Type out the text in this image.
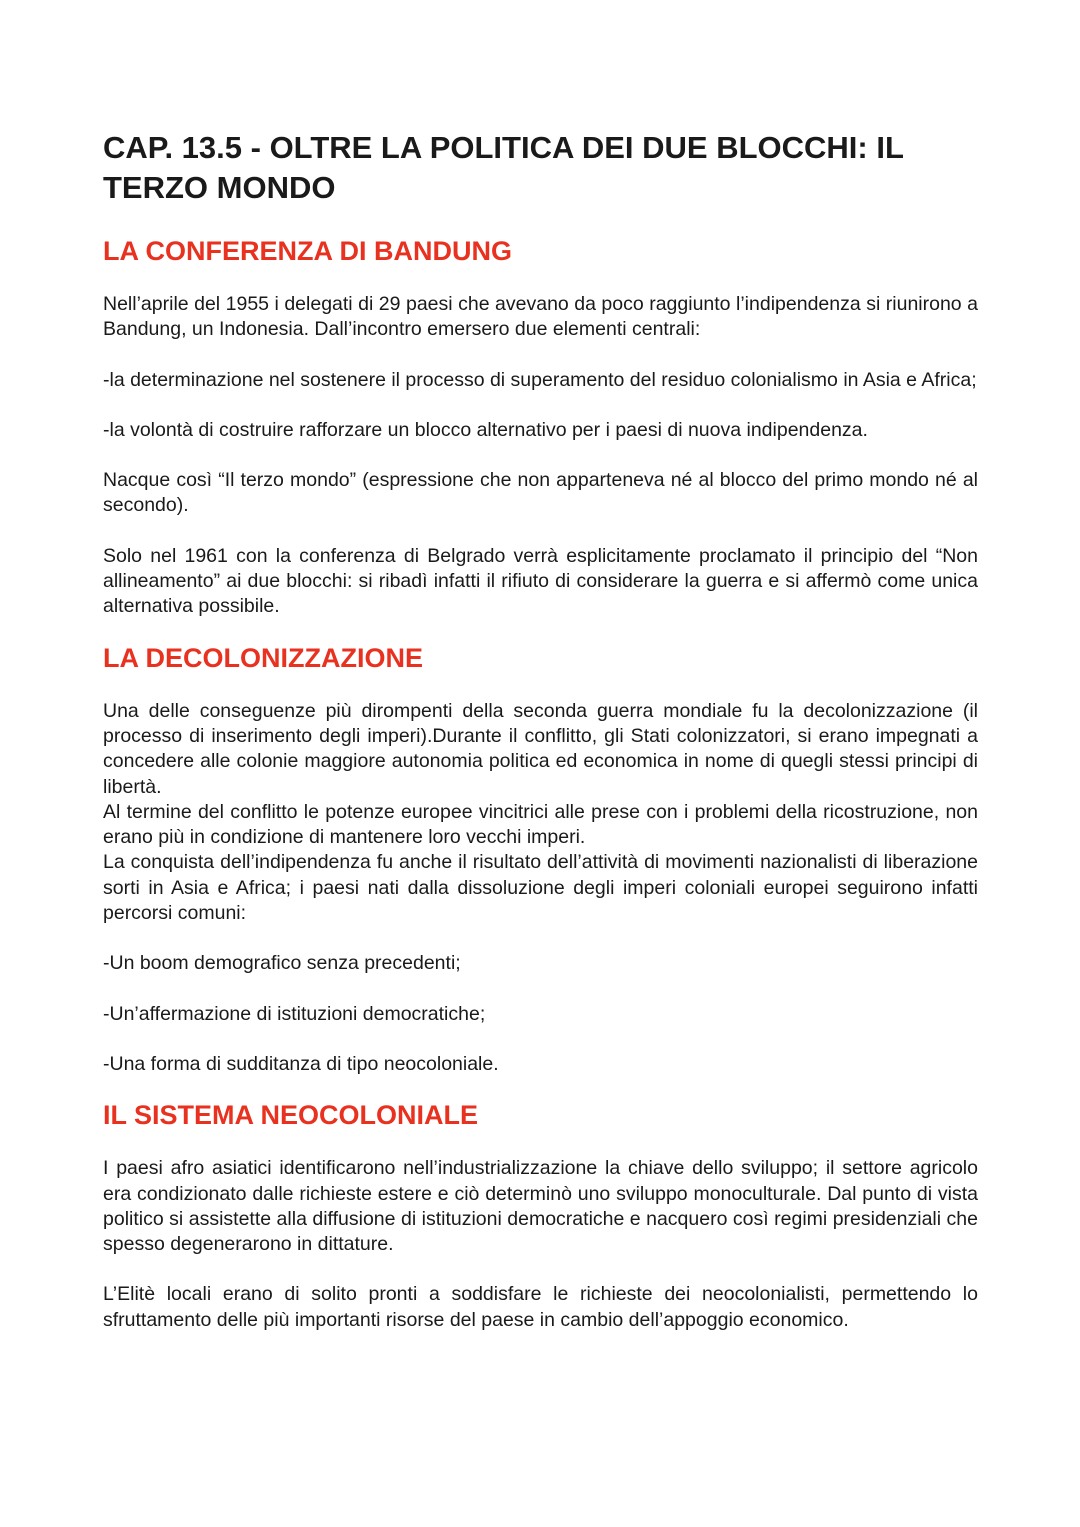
CAP. 13.5 - OLTRE LA POLITICA DEI DUE BLOCCHI: IL TERZO MONDO
LA CONFERENZA DI BANDUNG

Nell’aprile del 1955 i delegati di 29 paesi che avevano da poco raggiunto l’indipendenza si riunirono a Bandung, un Indonesia. Dall’incontro emersero due elementi centrali:

-la determinazione nel sostenere il processo di superamento del residuo colonialismo in Asia e Africa;

-la volontà di costruire rafforzare un blocco alternativo per i paesi di nuova indipendenza.

Nacque così “Il terzo mondo” (espressione che non apparteneva né al blocco del primo mondo né al secondo).

Solo nel 1961 con la conferenza di Belgrado verrà esplicitamente proclamato il principio del “Non allineamento” ai due blocchi: si ribadì infatti il rifiuto di considerare la guerra e si affermò come unica alternativa possibile.

LA DECOLONIZZAZIONE

Una delle conseguenze più dirompenti della seconda guerra mondiale fu la decolonizzazione (il processo di inserimento degli imperi).Durante il conflitto, gli Stati colonizzatori, si erano impegnati a concedere alle colonie maggiore autonomia politica ed economica in nome di quegli stessi principi di libertà.

Al termine del conflitto le potenze europee vincitrici alle prese con i problemi della ricostruzione, non erano più in condizione di mantenere loro vecchi imperi.

La conquista dell’indipendenza fu anche il risultato dell’attività di movimenti nazionalisti di liberazione sorti in Asia e Africa; i paesi nati dalla dissoluzione degli imperi coloniali europei seguirono infatti percorsi comuni:

-Un boom demografico senza precedenti;

-Un’affermazione di istituzioni democratiche;

-Una forma di sudditanza di tipo neocoloniale.

IL SISTEMA NEOCOLONIALE

I paesi afro asiatici identificarono nell’industrializzazione la chiave dello sviluppo; il settore agricolo era condizionato dalle richieste estere e ciò determinò uno sviluppo monoculturale. Dal punto di vista politico si assistette alla diffusione di istituzioni democratiche e nacquero così regimi presidenziali che spesso degenerarono in dittature.

L’Elitè locali erano di solito pronti a soddisfare le richieste dei neocolonialisti, permettendo lo sfruttamento delle più importanti risorse del paese in cambio dell’appoggio economico.
